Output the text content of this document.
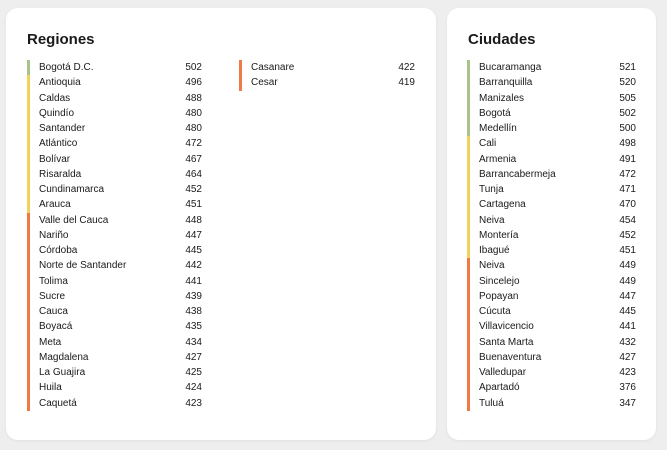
Regiones
Bogotá D.C.	502
Antioquia	496
Caldas	488
Quindío	480
Santander	480
Atlántico	472
Bolívar	467
Risaralda	464
Cundinamarca	452
Arauca	451
Valle del Cauca	448
Nariño	447
Córdoba	445
Norte de Santander	442
Tolima	441
Sucre	439
Cauca	438
Boyacá	435
Meta	434
Magdalena	427
La Guajira	425
Huila	424
Caquetá	423
Casanare	422
Cesar	419
Ciudades
Bucaramanga	521
Barranquilla	520
Manizales	505
Bogotá	502
Medellín	500
Cali	498
Armenia	491
Barrancabermeja	472
Tunja	471
Cartagena	470
Neiva	454
Montería	452
Ibagué	451
Neiva	449
Sincelejo	449
Popayan	447
Cúcuta	445
Villavicencio	441
Santa Marta	432
Buenaventura	427
Valledupar	423
Apartadó	376
Tuluá	347
